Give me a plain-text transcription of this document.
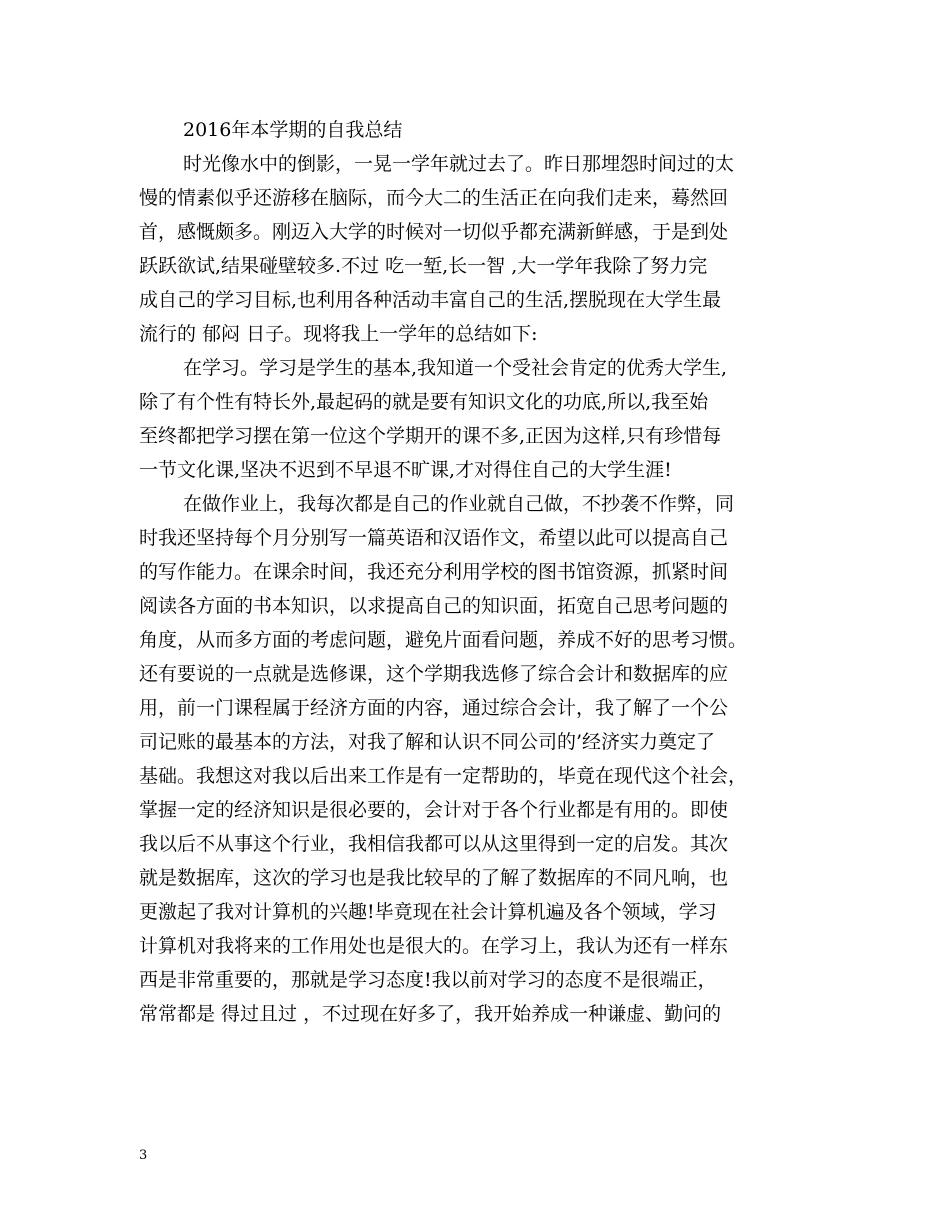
2016年本学期的自我总结
时光像水中的倒影，一晃一学年就过去了。昨日那埋怨时间过的太
慢的情素似乎还游移在脑际，而今大二的生活正在向我们走来，蓦然回
首，感慨颇多。刚迈入大学的时候对一切似乎都充满新鲜感，于是到处
跃跃欲试,结果碰壁较多.不过 吃一堑,长一智 ,大一学年我除了努力完
成自己的学习目标,也利用各种活动丰富自己的生活,摆脱现在大学生最
流行的 郁闷 日子。现将我上一学年的总结如下:
在学习。学习是学生的基本,我知道一个受社会肯定的优秀大学生,
除了有个性有特长外,最起码的就是要有知识文化的功底,所以,我至始
至终都把学习摆在第一位这个学期开的课不多,正因为这样,只有珍惜每
一节文化课,坚决不迟到不早退不旷课,才对得住自己的大学生涯!
在做作业上，我每次都是自己的作业就自己做，不抄袭不作弊，同
时我还坚持每个月分别写一篇英语和汉语作文，希望以此可以提高自己
的写作能力。在课余时间，我还充分利用学校的图书馆资源，抓紧时间
阅读各方面的书本知识，以求提高自己的知识面，拓宽自己思考问题的
角度，从而多方面的考虑问题，避免片面看问题，养成不好的思考习惯。
还有要说的一点就是选修课，这个学期我选修了综合会计和数据库的应
用，前一门课程属于经济方面的内容，通过综合会计，我了解了一个公
司记账的最基本的方法，对我了解和认识不同公司的’经济实力奠定了
基础。我想这对我以后出来工作是有一定帮助的，毕竟在现代这个社会，
掌握一定的经济知识是很必要的，会计对于各个行业都是有用的。即使
我以后不从事这个行业，我相信我都可以从这里得到一定的启发。其次
就是数据库，这次的学习也是我比较早的了解了数据库的不同凡响，也
更激起了我对计算机的兴趣!毕竟现在社会计算机遍及各个领域，学习
计算机对我将来的工作用处也是很大的。在学习上，我认为还有一样东
西是非常重要的，那就是学习态度!我以前对学习的态度不是很端正，
常常都是 得过且过 ，不过现在好多了，我开始养成一种谦虚、勤问的
3
